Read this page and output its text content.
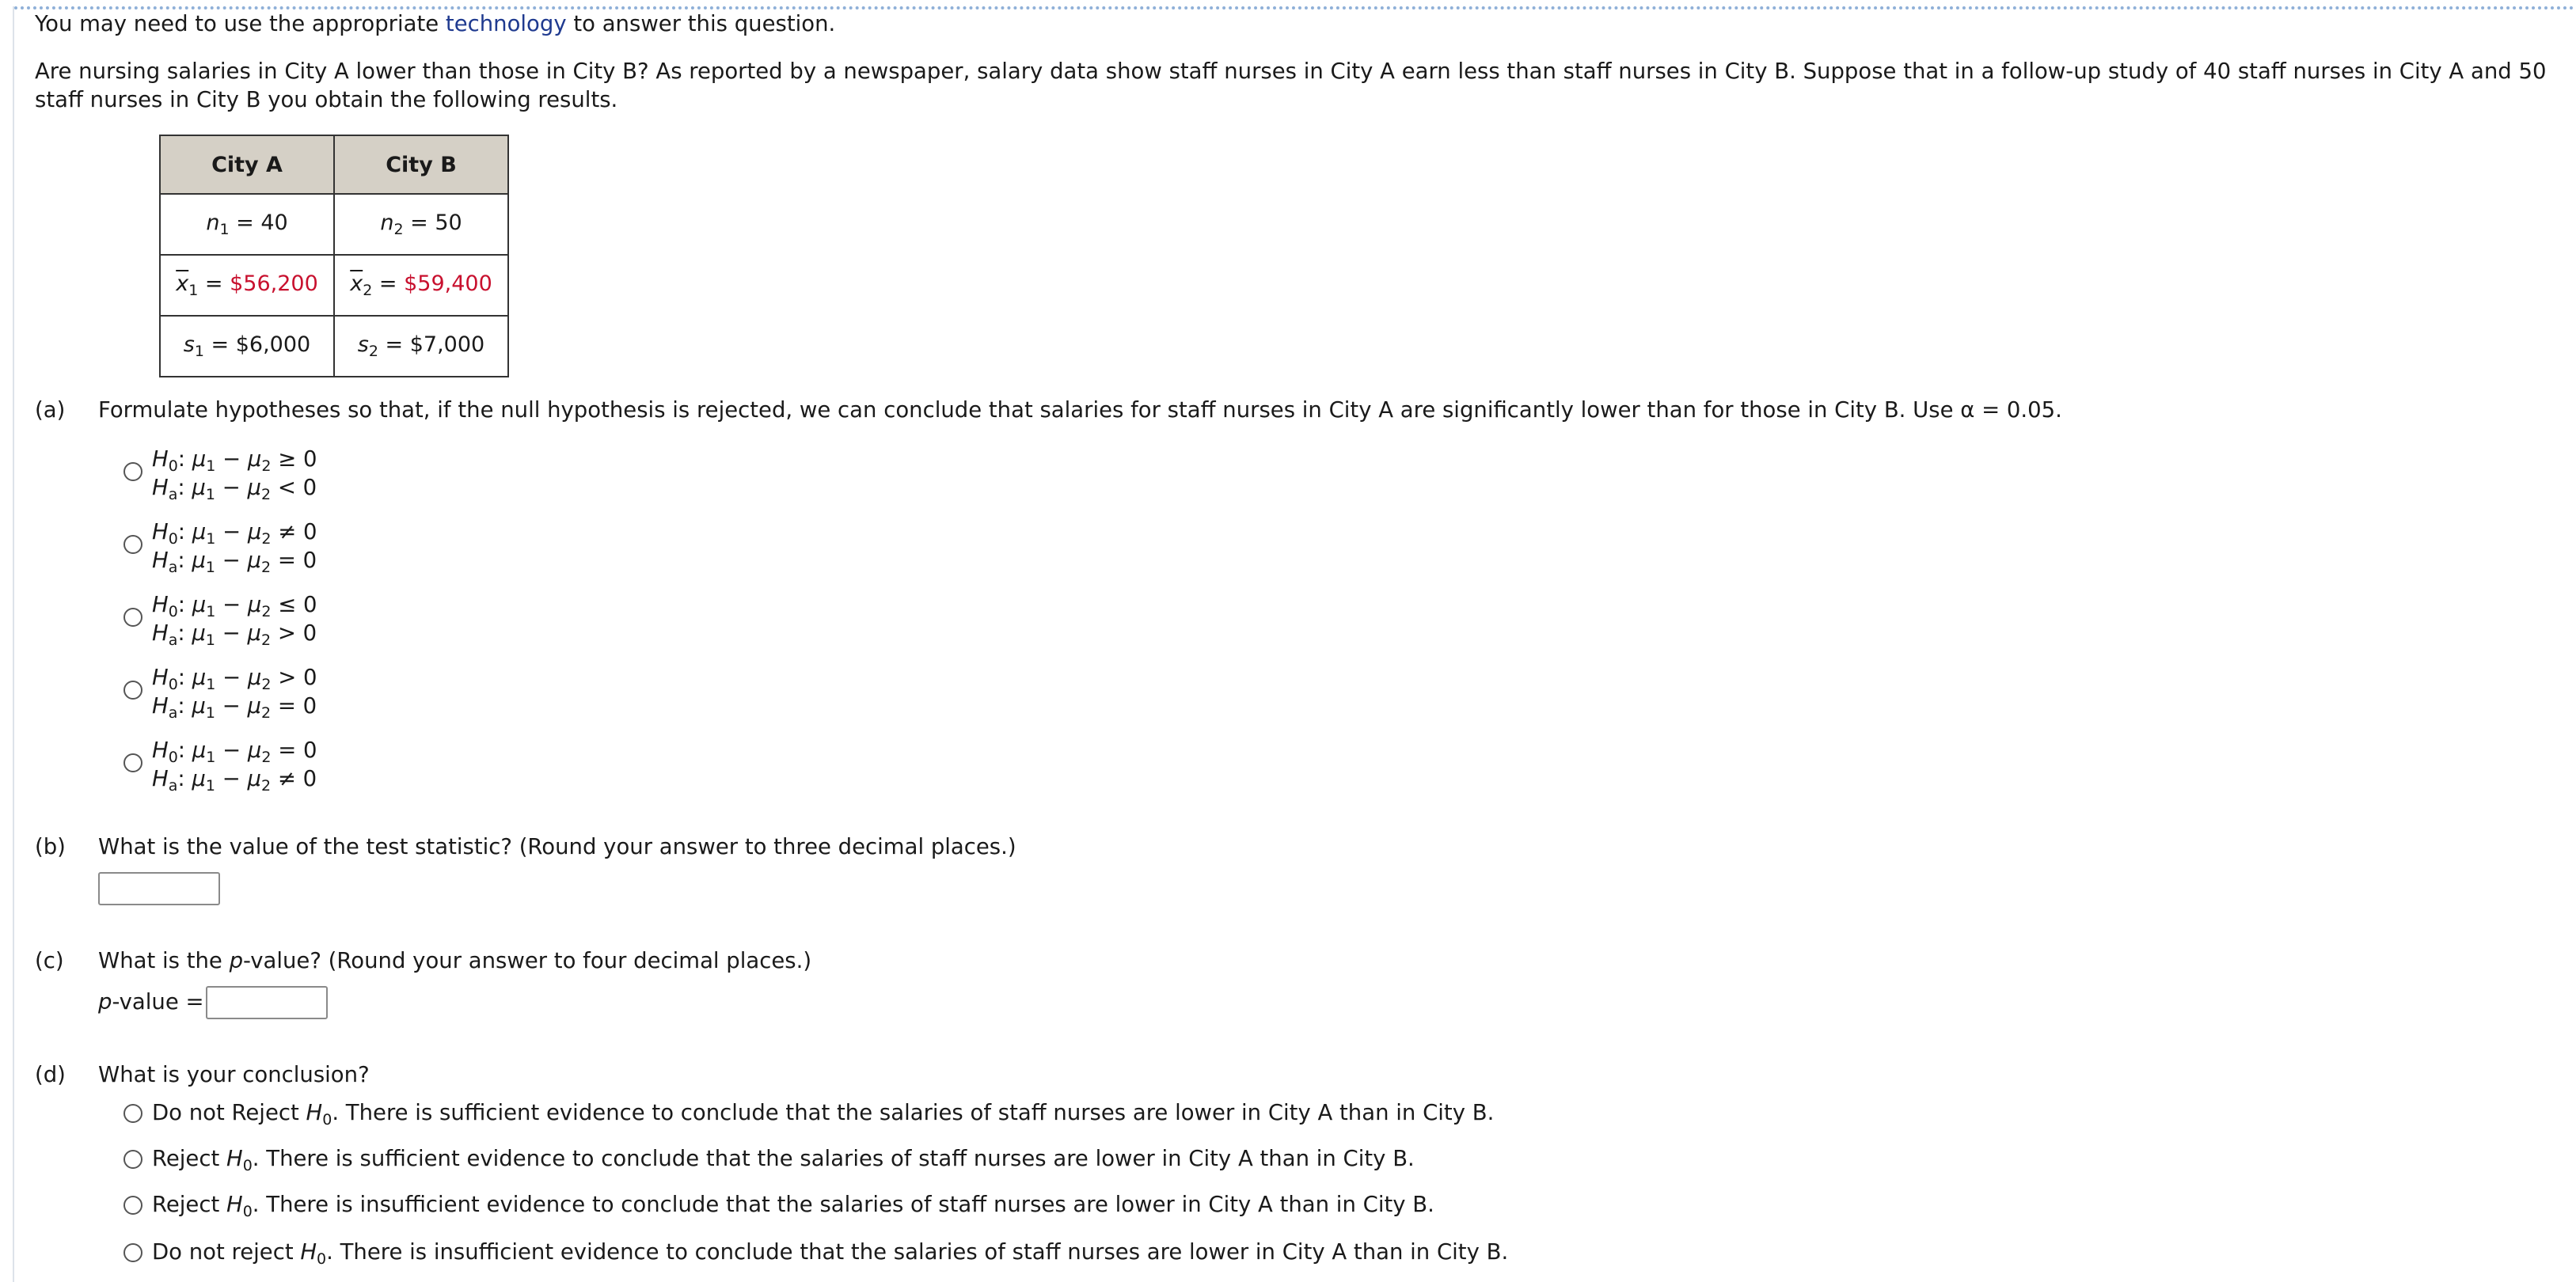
You may need to use the appropriate technology to answer this question.
Are nursing salaries in City A lower than those in City B? As reported by a newspaper, salary data show staff nurses in City A earn less than staff nurses in City B. Suppose that in a follow-up study of 40 staff nurses in City A and 50 staff nurses in City B you obtain the following results.
City A	City B
$n_1 = 40$	$n_2 = 50$
$\overline{x}_1$ = $56,200	$\overline{x}_2$ = $59,400
$s_1$ = $6,000	$s_2$ = $7,000
(a) Formulate hypotheses so that, if the null hypothesis is rejected, we can conclude that salaries for staff nurses in City A are significantly lower than for those in City B. Use α = 0.05.
$H_0$: $\mu_1 - \mu_2 \ge 0$
$H_a$: $\mu_1 - \mu_2 < 0$
$H_0$: $\mu_1 - \mu_2 \ne 0$
$H_a$: $\mu_1 - \mu_2 = 0$
$H_0$: $\mu_1 - \mu_2 \le 0$
$H_a$: $\mu_1 - \mu_2 > 0$
$H_0$: $\mu_1 - \mu_2 > 0$
$H_a$: $\mu_1 - \mu_2 = 0$
$H_0$: $\mu_1 - \mu_2 = 0$
$H_a$: $\mu_1 - \mu_2 \ne 0$
(b) What is the value of the test statistic? (Round your answer to three decimal places.)
(c) What is the p-value? (Round your answer to four decimal places.)
p-value =
(d) What is your conclusion?
Do not Reject $H_0$. There is sufficient evidence to conclude that the salaries of staff nurses are lower in City A than in City B.
Reject $H_0$. There is sufficient evidence to conclude that the salaries of staff nurses are lower in City A than in City B.
Reject $H_0$. There is insufficient evidence to conclude that the salaries of staff nurses are lower in City A than in City B.
Do not reject $H_0$. There is insufficient evidence to conclude that the salaries of staff nurses are lower in City A than in City B.
